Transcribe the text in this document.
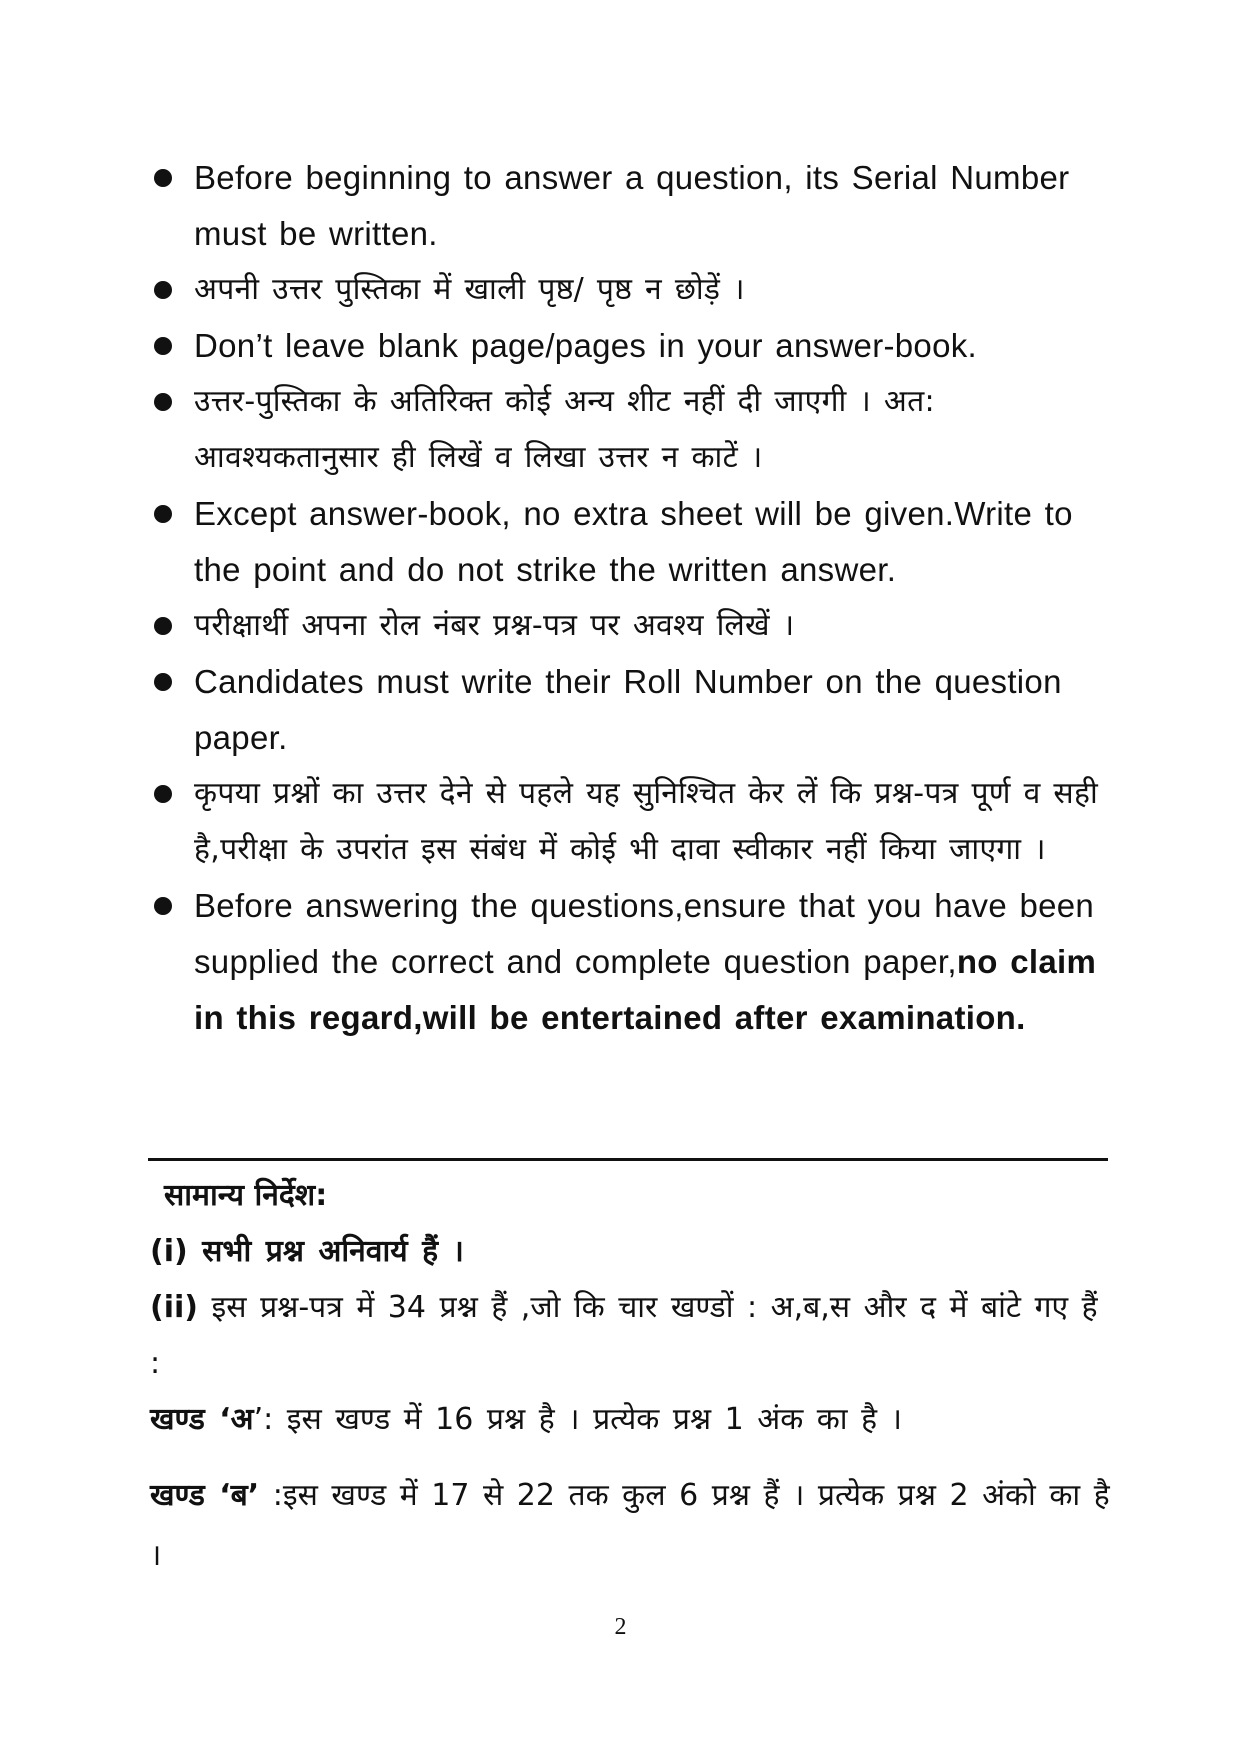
Before beginning to answer a question, its Serial Number must be written.
अपनी उत्तर पुस्तिका में खाली पृष्ठ/ पृष्ठ न छोड़ें ।
Don’t leave blank page/pages in your answer-book.
उत्तर-पुस्तिका के अतिरिक्त कोई अन्य शीट नहीं दी जाएगी । अत: आवश्यकतानुसार ही लिखें व लिखा उत्तर न काटें ।
Except answer-book, no extra sheet will be given.Write to the point and do not strike the written answer.
परीक्षार्थी अपना रोल नंबर प्रश्न-पत्र पर अवश्य लिखें ।
Candidates must write their Roll Number on the question paper.
कृपया प्रश्नों का उत्तर देने से पहले यह सुनिश्चित केर लें कि प्रश्न-पत्र पूर्ण व सही है,परीक्षा के उपरांत इस संबंध में कोई भी दावा स्वीकार नहीं किया जाएगा ।
Before answering the questions,ensure that you have been supplied the correct and complete question paper,no claim in this regard,will be entertained after examination.
सामान्य निर्देश:
(i) सभी प्रश्न अनिवार्य हैं ।
(ii) इस प्रश्न-पत्र में 34 प्रश्न हैं ,जो कि चार खण्डों : अ,ब,स और द में बांटे गए हैं :
खण्ड ‘अ’: इस खण्ड में 16 प्रश्न है । प्रत्येक प्रश्न 1 अंक का है ।
खण्ड ‘ब’ :इस खण्ड में 17 से 22 तक कुल 6 प्रश्न हैं । प्रत्येक प्रश्न 2 अंको का है ।
2
